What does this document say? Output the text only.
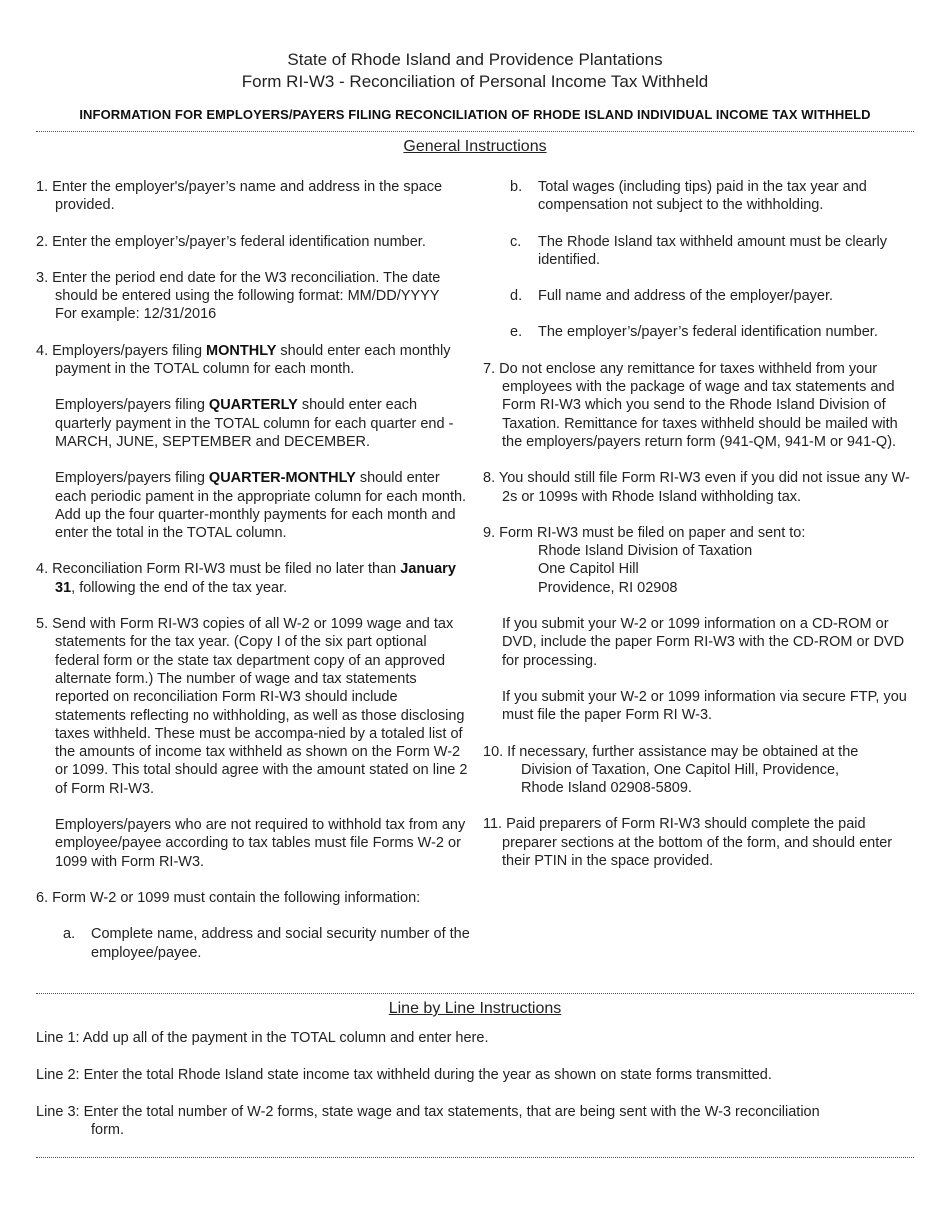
State of Rhode Island and Providence Plantations
Form RI-W3 - Reconciliation of Personal Income Tax Withheld
INFORMATION FOR EMPLOYERS/PAYERS FILING RECONCILIATION OF RHODE ISLAND INDIVIDUAL INCOME TAX WITHHELD
General Instructions
1. Enter the employer's/payer’s name and address in the space provided.
2. Enter the employer’s/payer’s federal identification number.
3. Enter the period end date for the W3 reconciliation. The date should be entered using the following format: MM/DD/YYYY
For example: 12/31/2016
4. Employers/payers filing MONTHLY should enter each monthly payment in the TOTAL column for each month.
Employers/payers filing QUARTERLY should enter each quarterly payment in the TOTAL column for each quarter end - MARCH, JUNE, SEPTEMBER and DECEMBER.
Employers/payers filing QUARTER-MONTHLY should enter each periodic pament in the appropriate column for each month. Add up the four quarter-monthly payments for each month and enter the total in the TOTAL column.
4. Reconciliation Form RI-W3 must be filed no later than January 31, following the end of the tax year.
5. Send with Form RI-W3 copies of all W-2 or 1099 wage and tax statements for the tax year. (Copy I of the six part optional federal form or the state tax department copy of an approved alternate form.) The number of wage and tax statements reported on reconciliation Form RI-W3 should include statements reflecting no withholding, as well as those disclosing taxes withheld. These must be accompa-nied by a totaled list of the amounts of income tax withheld as shown on the Form W-2 or 1099. This total should agree with the amount stated on line 2 of Form RI-W3.
Employers/payers who are not required to withhold tax from any employee/payee according to tax tables must file Forms W-2 or 1099 with Form RI-W3.
6. Form W-2 or 1099 must contain the following information:
a.	Complete name, address and social security number of the employee/payee.
b.	Total wages (including tips) paid in the tax year and compensation not subject to the withholding.
c.	The Rhode Island tax withheld amount must be clearly identified.
d.	Full name and address of the employer/payer.
e.	The employer’s/payer’s federal identification number.
7. Do not enclose any remittance for taxes withheld from your employees with the package of wage and tax statements and Form RI-W3 which you send to the Rhode Island Division of Taxation. Remittance for taxes withheld should be mailed with the employers/payers return form (941-QM, 941-M or 941-Q).
8. You should still file Form RI-W3 even if you did not issue any W-2s or 1099s with Rhode Island withholding tax.
9. Form RI-W3 must be filed on paper and sent to:
Rhode Island Division of Taxation
One Capitol Hill
Providence, RI 02908
If you submit your W-2 or 1099 information on a CD-ROM or DVD, include the paper Form RI-W3 with the CD-ROM or DVD for processing.
If you submit your W-2 or 1099 information via secure FTP, you must file the paper Form RI W-3.
10. If necessary, further assistance may be obtained at the
Division of Taxation, One Capitol Hill, Providence,
Rhode Island 02908-5809.
11. Paid preparers of Form RI-W3 should complete the paid preparer sections at the bottom of the form, and should enter their PTIN in the space provided.
Line by Line Instructions
Line 1: Add up all of the payment in the TOTAL column and enter here.
Line 2: Enter the total Rhode Island state income tax withheld during the year as shown on state forms transmitted.
Line 3: Enter the total number of W-2 forms, state wage and tax statements, that are being sent with the W-3 reconciliation form.
